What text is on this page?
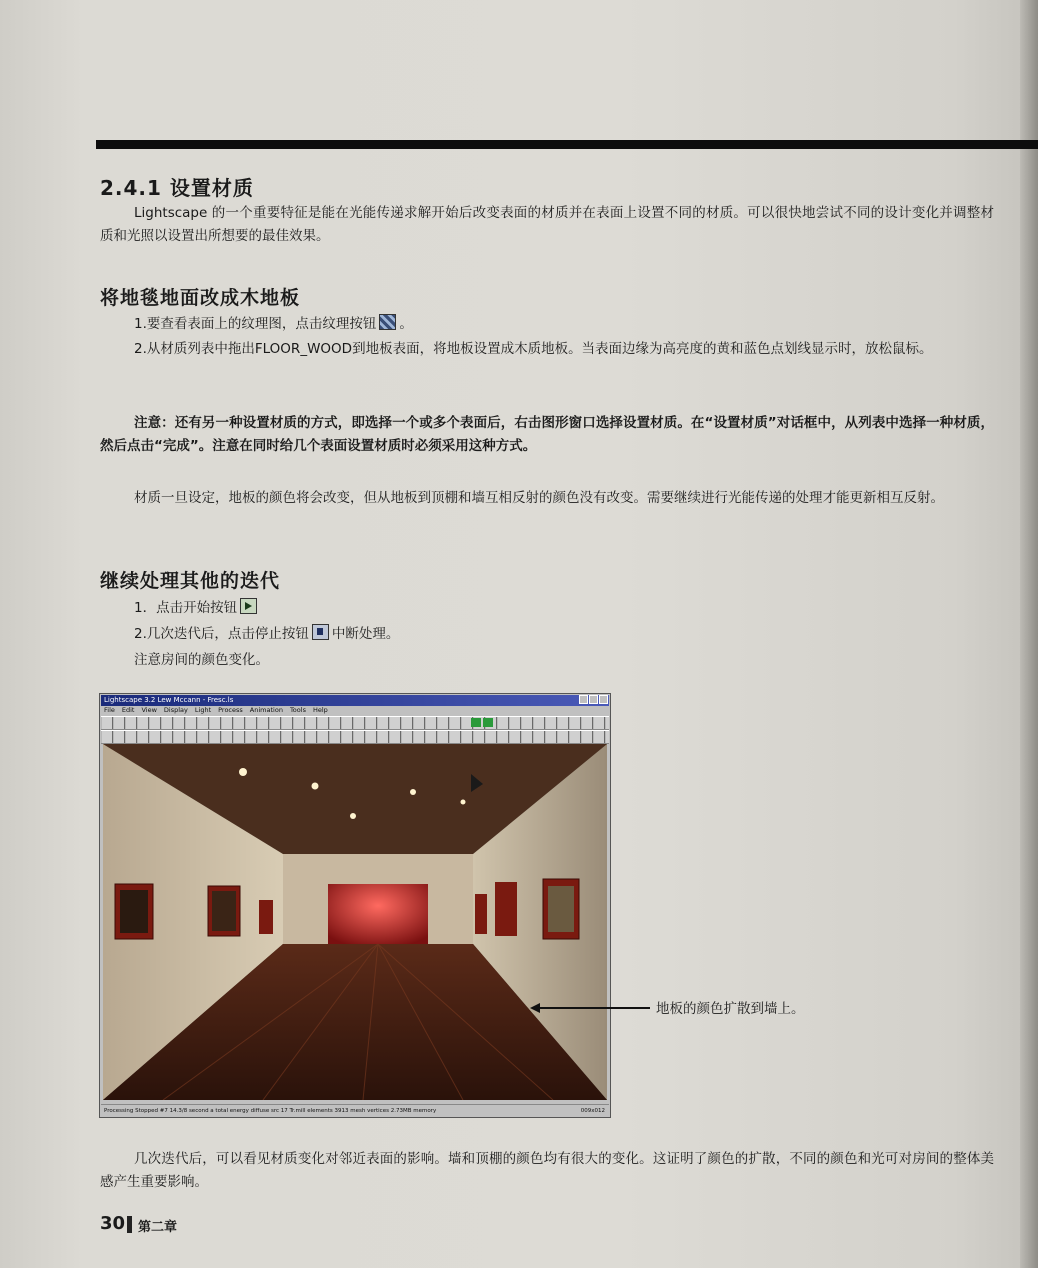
2.4.1 设置材质
Lightscape 的一个重要特征是能在光能传递求解开始后改变表面的材质并在表面上设置不同的材质。可以很快地尝试不同的设计变化并调整材质和光照以设置出所想要的最佳效果。
将地毯地面改成木地板
1.要查看表面上的纹理图，点击纹理按钮 。
2.从材质列表中拖出FLOOR_WOOD到地板表面，将地板设置成木质地板。当表面边缘为高亮度的黄和蓝色点划线显示时，放松鼠标。
注意：还有另一种设置材质的方式，即选择一个或多个表面后，右击图形窗口选择设置材质。在“设置材质”对话框中，从列表中选择一种材质，然后点击“完成”。注意在同时给几个表面设置材质时必须采用这种方式。
材质一旦设定，地板的颜色将会改变，但从地板到顶棚和墙互相反射的颜色没有改变。需要继续进行光能传递的处理才能更新相互反射。
继续处理其他的迭代
1．点击开始按钮
2.几次迭代后，点击停止按钮 中断处理。
注意房间的颜色变化。
Lightscape 3.2 Lew Mccann - Fresc.ls
File Edit View Display Light Process Animation Tools Help
Processing Stopped #7 14.3/8 second a total energy diffuse src 17 Tr.mill elements 3913 mesh vertices 2.73MB memory	009x012
地板的颜色扩散到墙上。
几次迭代后，可以看见材质变化对邻近表面的影响。墙和顶棚的颜色均有很大的变化。这证明了颜色的扩散，不同的颜色和光可对房间的整体美感产生重要影响。
30 第二章
